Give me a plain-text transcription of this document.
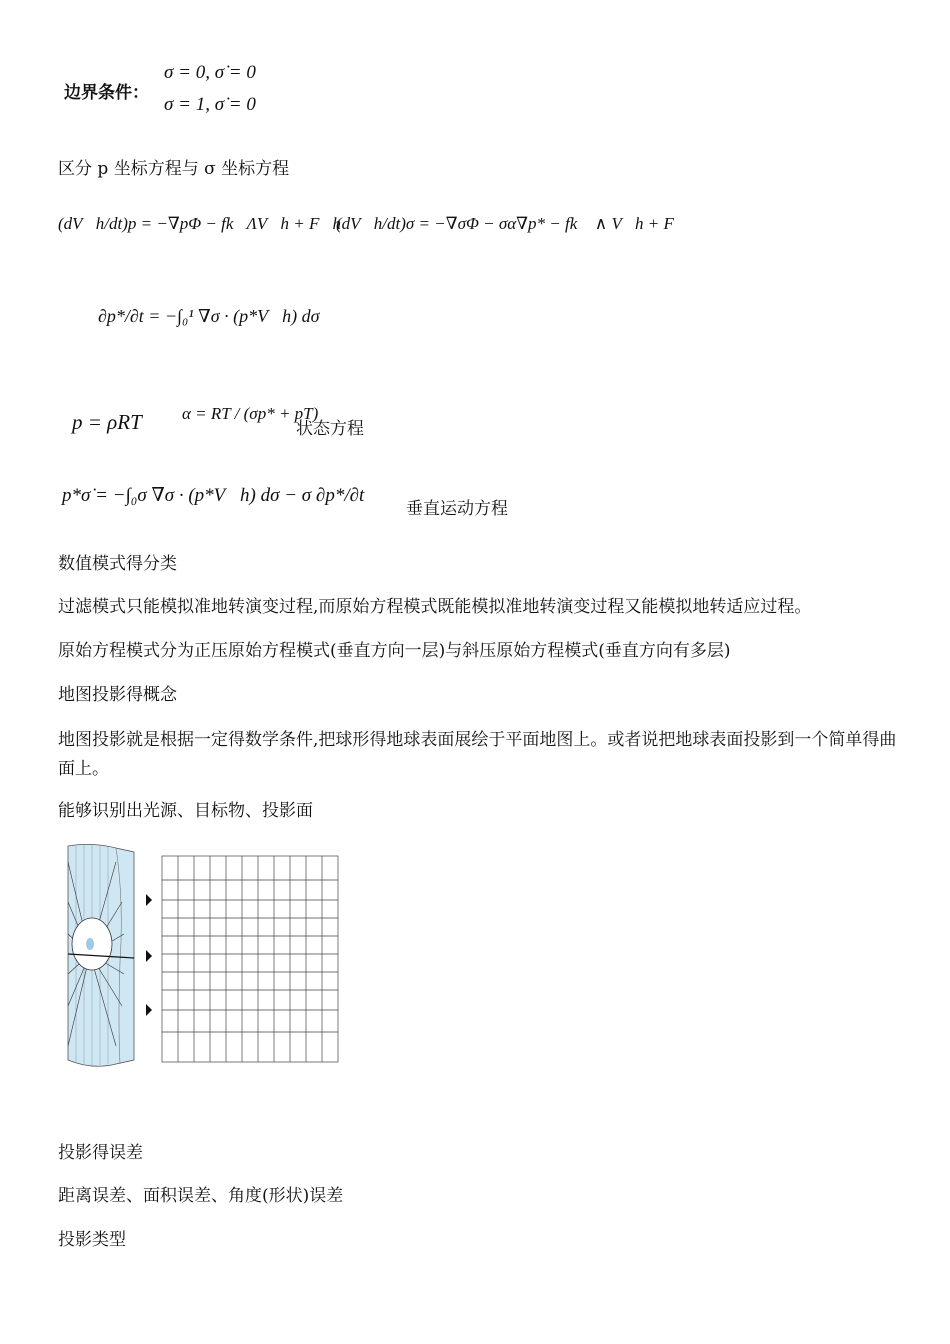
边界条件：
σ = 0, σ̇ = 0
σ = 1, σ̇ = 0
区分 p 坐标方程与 σ 坐标方程
(dV⃗h/dt)p = −∇pΦ − fk⃗ΛV⃗h + F⃗h
(dV⃗h/dt)σ = −∇σΦ − σα∇p* − fk⃗ ∧ V⃗h + F⃗
∂p*/∂t = −∫₀¹ ∇σ · (p*V⃗h) dσ
p = ρRT α = RT / (σp* + pT)
状态方程
p*σ̇ = −∫₀σ ∇σ · (p*V⃗h) dσ − σ ∂p*/∂t
垂直运动方程
数值模式得分类
过滤模式只能模拟准地转演变过程,而原始方程模式既能模拟准地转演变过程又能模拟地转适应过程。
原始方程模式分为正压原始方程模式(垂直方向一层)与斜压原始方程模式(垂直方向有多层)
地图投影得概念
地图投影就是根据一定得数学条件,把球形得地球表面展绘于平面地图上。或者说把地球表面投影到一个简单得曲面上。
能够识别出光源、目标物、投影面
投影得误差
距离误差、面积误差、角度(形状)误差
投影类型
